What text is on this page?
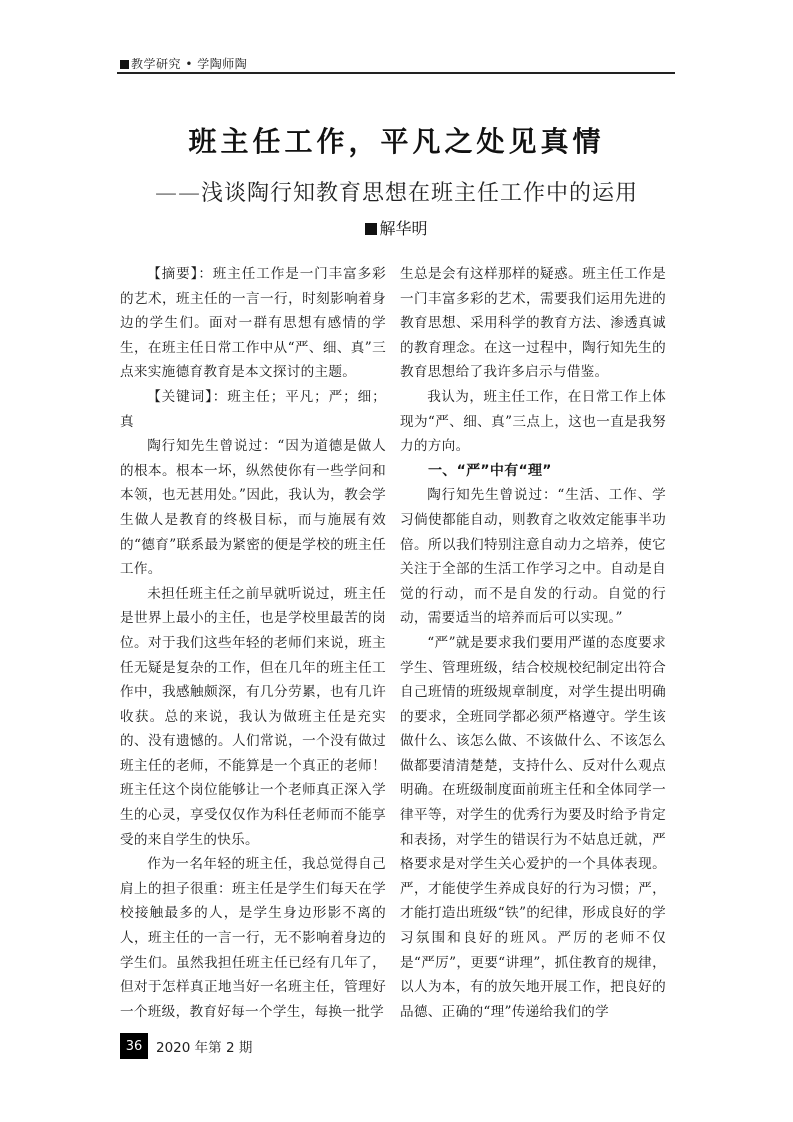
教学研究 • 学陶师陶
班主任工作，平凡之处见真情
——浅谈陶行知教育思想在班主任工作中的运用
解华明

【摘要】：班主任工作是一门丰富多彩的艺术，班主任的一言一行，时刻影响着身边的学生们。面对一群有思想有感情的学生，在班主任日常工作中从“严、细、真”三点来实施德育教育是本文探讨的主题。

【关键词】：班主任；平凡；严；细；真

陶行知先生曾说过：“因为道德是做人的根本。根本一坏，纵然使你有一些学问和本领，也无甚用处。”因此，我认为，教会学生做人是教育的终极目标，而与施展有效的“德育”联系最为紧密的便是学校的班主任工作。

未担任班主任之前早就听说过，班主任是世界上最小的主任，也是学校里最苦的岗位。对于我们这些年轻的老师们来说，班主任无疑是复杂的工作，但在几年的班主任工作中，我感触颇深，有几分劳累，也有几许收获。总的来说，我认为做班主任是充实的、没有遗憾的。人们常说，一个没有做过班主任的老师，不能算是一个真正的老师！班主任这个岗位能够让一个老师真正深入学生的心灵，享受仅仅作为科任老师而不能享受的来自学生的快乐。

作为一名年轻的班主任，我总觉得自己肩上的担子很重：班主任是学生们每天在学校接触最多的人，是学生身边形影不离的人，班主任的一言一行，无不影响着身边的学生们。虽然我担任班主任已经有几年了，但对于怎样真正地当好一名班主任，管理好一个班级，教育好每一个学生，每换一批学

生总是会有这样那样的疑惑。班主任工作是一门丰富多彩的艺术，需要我们运用先进的教育思想、采用科学的教育方法、渗透真诚的教育理念。在这一过程中，陶行知先生的教育思想给了我许多启示与借鉴。

我认为，班主任工作，在日常工作上体现为“严、细、真”三点上，这也一直是我努力的方向。

一、“严”中有“理”

陶行知先生曾说过：“生活、工作、学习倘使都能自动，则教育之收效定能事半功倍。所以我们特别注意自动力之培养，使它关注于全部的生活工作学习之中。自动是自觉的行动，而不是自发的行动。自觉的行动，需要适当的培养而后可以实现。”

“严”就是要求我们要用严谨的态度要求学生、管理班级，结合校规校纪制定出符合自己班情的班级规章制度，对学生提出明确的要求，全班同学都必须严格遵守。学生该做什么、该怎么做、不该做什么、不该怎么做都要清清楚楚，支持什么、反对什么观点明确。在班级制度面前班主任和全体同学一律平等，对学生的优秀行为要及时给予肯定和表扬，对学生的错误行为不姑息迁就，严格要求是对学生关心爱护的一个具体表现。严，才能使学生养成良好的行为习惯；严，才能打造出班级“铁”的纪律，形成良好的学习氛围和良好的班风。严厉的老师不仅是“严厉”，更要“讲理”，抓住教育的规律，以人为本，有的放矢地开展工作，把良好的品德、正确的“理”传递给我们的学

36	2020 年第 2 期
